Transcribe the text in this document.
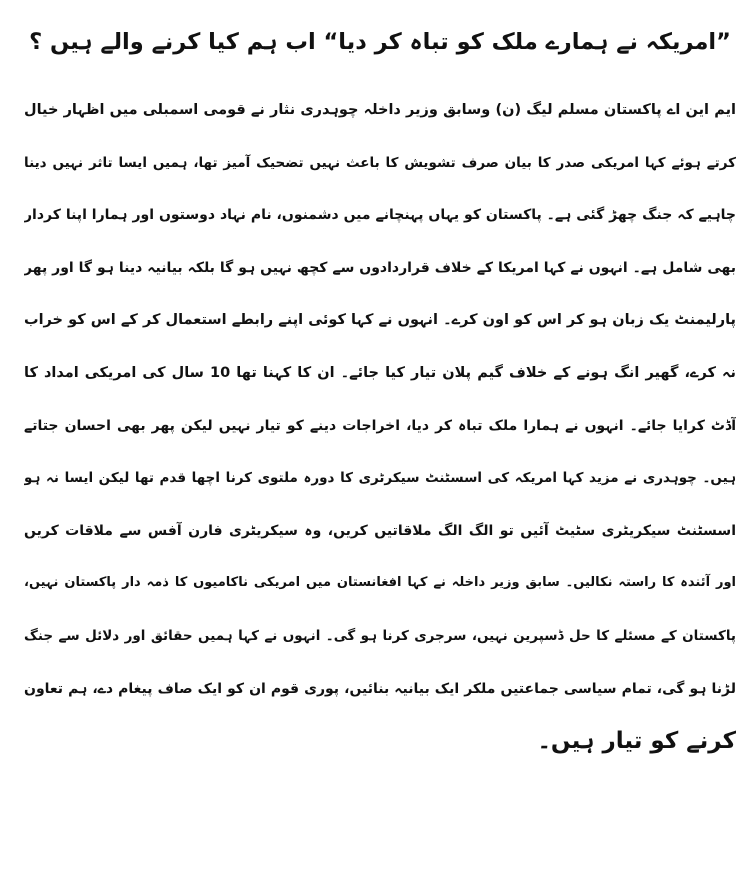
”امریکہ نے ہمارے ملک کو تباہ کر دیا“ اب ہم کیا کرنے والے ہیں ؟
ایم این اے پاکستان مسلم لیگ (ن) وسابق وزیر داخلہ چوہدری نثار نے قومی اسمبلی میں اظہار خیال
کرتے ہوئے کہا امریکی صدر کا بیان صرف تشویش کا باعث نہیں تضحیک آمیز تھا، ہمیں ایسا تاثر نہیں دینا
چاہیے کہ جنگ چھڑ گئی ہے۔ پاکستان کو یہاں پہنچانے میں دشمنوں، نام نہاد دوستوں اور ہمارا اپنا کردار
بھی شامل ہے۔ انہوں نے کہا امریکا کے خلاف قراردادوں سے کچھ نہیں ہو گا بلکہ بیانیہ دینا ہو گا اور پھر
پارلیمنٹ یک زبان ہو کر اس کو اون کرے۔ انہوں نے کہا کوئی اپنے رابطے استعمال کر کے اس کو خراب
نہ کرے، گھیر انگ ہونے کے خلاف گیم پلان تیار کیا جائے۔ ان کا کہنا تھا 10 سال کی امریکی امداد کا
آڈٹ کرایا جائے۔ انہوں نے ہمارا ملک تباہ کر دیا، اخراجات دینے کو تیار نہیں لیکن پھر بھی احسان جتاتے
ہیں۔ چوہدری نے مزید کہا امریکہ کی اسسٹنٹ سیکرٹری کا دورہ ملتوی کرنا اچھا قدم تھا لیکن ایسا نہ ہو
اسسٹنٹ سیکریٹری سٹیٹ آئیں تو الگ الگ ملاقاتیں کریں، وہ سیکریٹری فارن آفس سے ملاقات کریں
اور آئندہ کا راستہ نکالیں۔ سابق وزیر داخلہ نے کہا افغانستان میں امریکی ناکامیوں کا ذمہ دار پاکستان نہیں،
پاکستان کے مسئلے کا حل ڈسپرین نہیں، سرجری کرنا ہو گی۔ انہوں نے کہا ہمیں حقائق اور دلائل سے جنگ
لڑنا ہو گی، تمام سیاسی جماعتیں ملکر ایک بیانیہ بنائیں، پوری قوم ان کو ایک صاف پیغام دے، ہم تعاون
کرنے کو تیار ہیں۔
